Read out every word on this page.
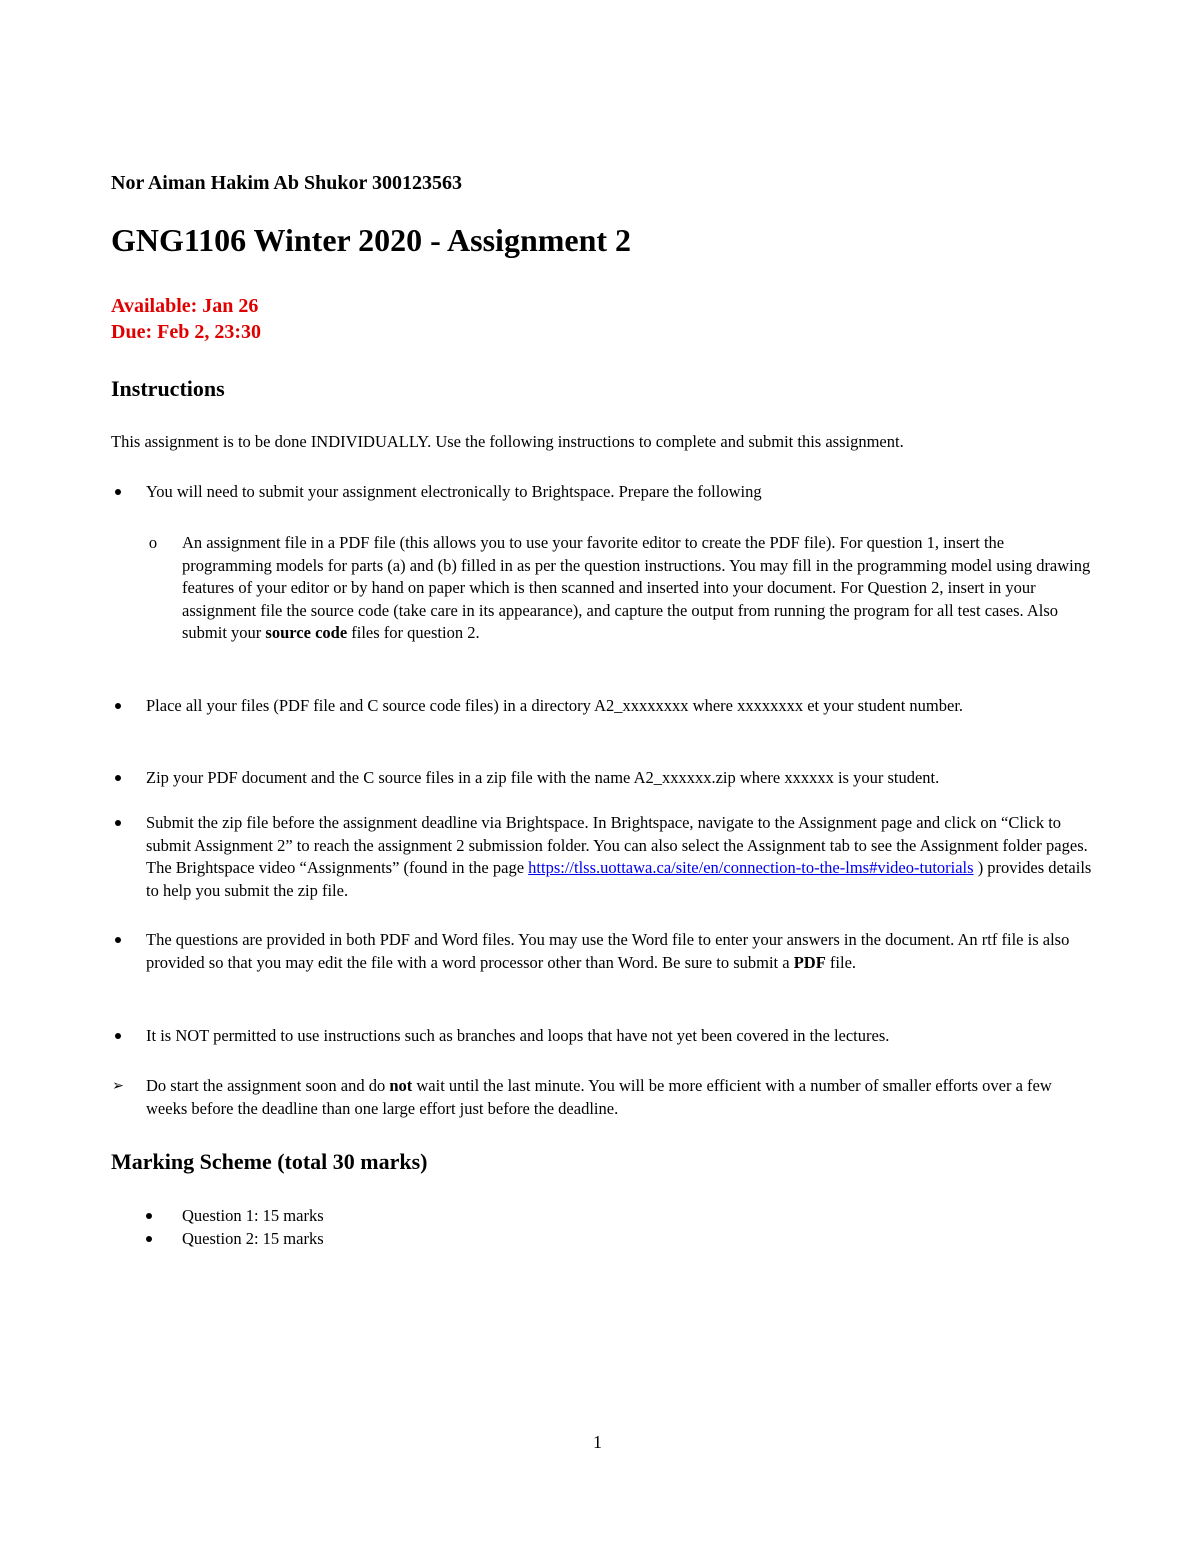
Nor Aiman Hakim Ab Shukor 300123563
GNG1106 Winter 2020 - Assignment 2
Available: Jan 26
Due: Feb 2, 23:30
Instructions
This assignment is to be done INDIVIDUALLY. Use the following instructions to complete and submit this assignment.

You will need to submit your assignment electronically to Brightspace. Prepare the following

o An assignment file in a PDF file (this allows you to use your favorite editor to create the PDF file). For question 1, insert the programming models for parts (a) and (b) filled in as per the question instructions. You may fill in the programming model using drawing features of your editor or by hand on paper which is then scanned and inserted into your document. For Question 2, insert in your assignment file the source code (take care in its appearance), and capture the output from running the program for all test cases. Also submit your source code files for question 2.

Place all your files (PDF file and C source code files) in a directory A2_xxxxxxxx where xxxxxxxx et your student number.

Zip your PDF document and the C source files in a zip file with the name A2_xxxxxx.zip where xxxxxx is your student.

Submit the zip file before the assignment deadline via Brightspace. In Brightspace, navigate to the Assignment page and click on “Click to submit Assignment 2” to reach the assignment 2 submission folder. You can also select the Assignment tab to see the Assignment folder pages. The Brightspace video “Assignments” (found in the page https://tlss.uottawa.ca/site/en/connection-to-the-lms#video-tutorials ) provides details to help you submit the zip file.

The questions are provided in both PDF and Word files. You may use the Word file to enter your answers in the document. An rtf file is also provided so that you may edit the file with a word processor other than Word. Be sure to submit a PDF file.

It is NOT permitted to use instructions such as branches and loops that have not yet been covered in the lectures.

➢ Do start the assignment soon and do not wait until the last minute. You will be more efficient with a number of smaller efforts over a few weeks before the deadline than one large effort just before the deadline.

Marking Scheme (total 30 marks)
Question 1: 15 marks
Question 2: 15 marks
1
